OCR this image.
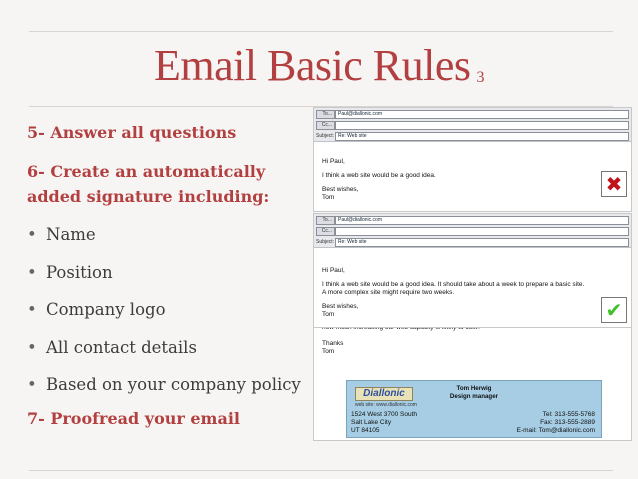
Email Basic Rules 3
5- Answer all questions
6- Create an automatically
added signature including:
• Name
• Position
• Company logo
• All contact details
• Based on your company policy
7- Proofread your email

Thanks

Tom

Diallonic
web site: www.diallonic.com
Tom Herwig
Design manager
1524 West 3700 South
Salt Lake City
UT 84105
Tel: 313-555-5768
Fax: 313-555-2889
E-mail: Tom@diallonic.com
To... Paul@diallonic.com
Cc...
Subject: Re: Web site

Hi Paul,

I think a web site would be a good idea.

Best wishes,

Tom

✖
To... Paul@diallonic.com
Cc...
Subject: Re: Web site

Hi Paul,

I think a web site would be a good idea. It should take about a week to prepare a basic site.

A more complex site might require two weeks.

Best wishes,

Tom	✔
